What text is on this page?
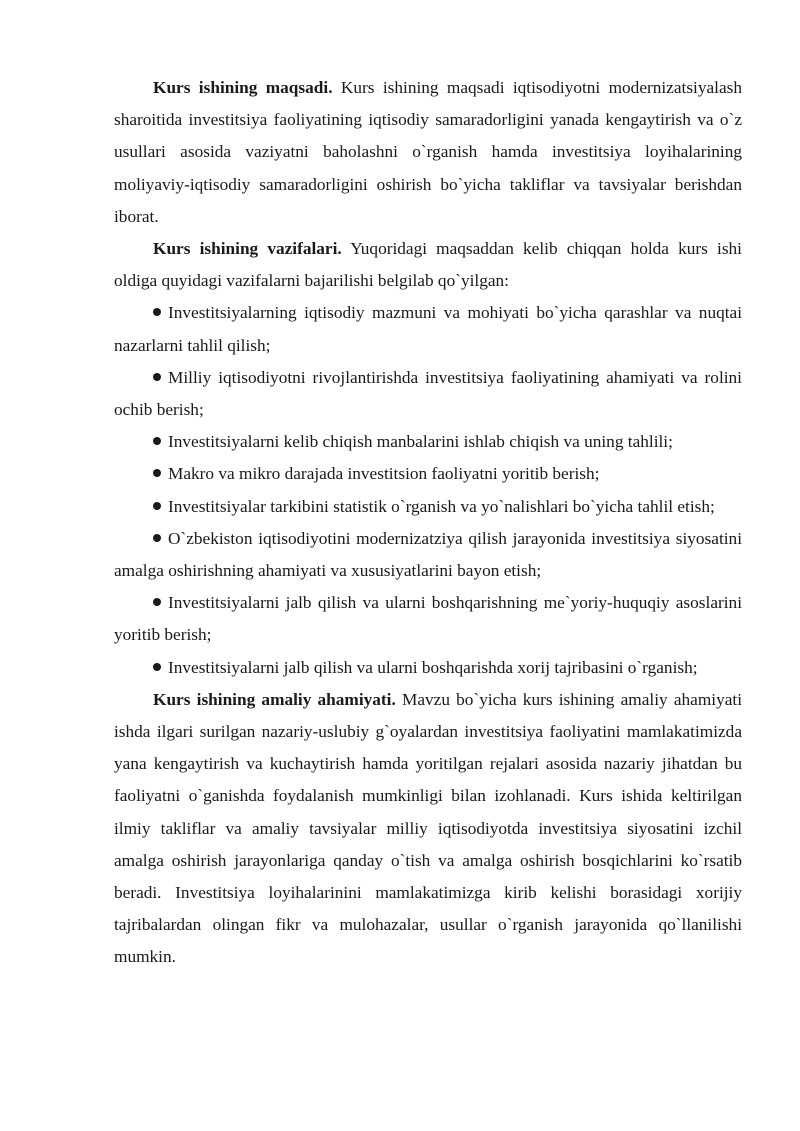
Kurs ishining maqsadi. Kurs ishining maqsadi iqtisodiyotni modernizatsiyalash sharoitida investitsiya faoliyatining iqtisodiy samaradorligini yanada kengaytirish va o`z usullari asosida vaziyatni baholashni o`rganish hamda investitsiya loyihalarining moliyaviy-iqtisodiy samaradorligini oshirish bo`yicha takliflar va tavsiyalar berishdan iborat.

Kurs ishining vazifalari. Yuqoridagi maqsaddan kelib chiqqan holda kurs ishi oldiga quyidagi vazifalarni bajarilishi belgilab qo`yilgan:

Investitsiyalarning iqtisodiy mazmuni va mohiyati bo`yicha qarashlar va nuqtai nazarlarni tahlil qilish;

Milliy iqtisodiyotni rivojlantirishda investitsiya faoliyatining ahamiyati va rolini ochib berish;

Investitsiyalarni kelib chiqish manbalarini ishlab chiqish va uning tahlili;

Makro va mikro darajada investitsion faoliyatni yoritib berish;

Investitsiyalar tarkibini statistik o`rganish va yo`nalishlari bo`yicha tahlil etish;

O`zbekiston iqtisodiyotini modernizatziya qilish jarayonida investitsiya siyosatini amalga oshirishning ahamiyati va xususiyatlarini bayon etish;

Investitsiyalarni jalb qilish va ularni boshqarishning me`yoriy-huquqiy asoslarini yoritib berish;

Investitsiyalarni jalb qilish va ularni boshqarishda xorij tajribasini o`rganish;

Kurs ishining amaliy ahamiyati. Mavzu bo`yicha kurs ishining amaliy ahamiyati ishda ilgari surilgan nazariy-uslubiy g`oyalardan investitsiya faoliyatini mamlakatimizda yana kengaytirish va kuchaytirish hamda yoritilgan rejalari asosida nazariy jihatdan bu faoliyatni o`ganishda foydalanish mumkinligi bilan izohlanadi. Kurs ishida keltirilgan ilmiy takliflar va amaliy tavsiyalar milliy iqtisodiyotda investitsiya siyosatini izchil amalga oshirish jarayonlariga qanday o`tish va amalga oshirish bosqichlarini ko`rsatib beradi. Investitsiya loyihalarinini mamlakatimizga kirib kelishi borasidagi xorijiy tajribalardan olingan fikr va mulohazalar, usullar o`rganish jarayonida qo`llanilishi mumkin.
